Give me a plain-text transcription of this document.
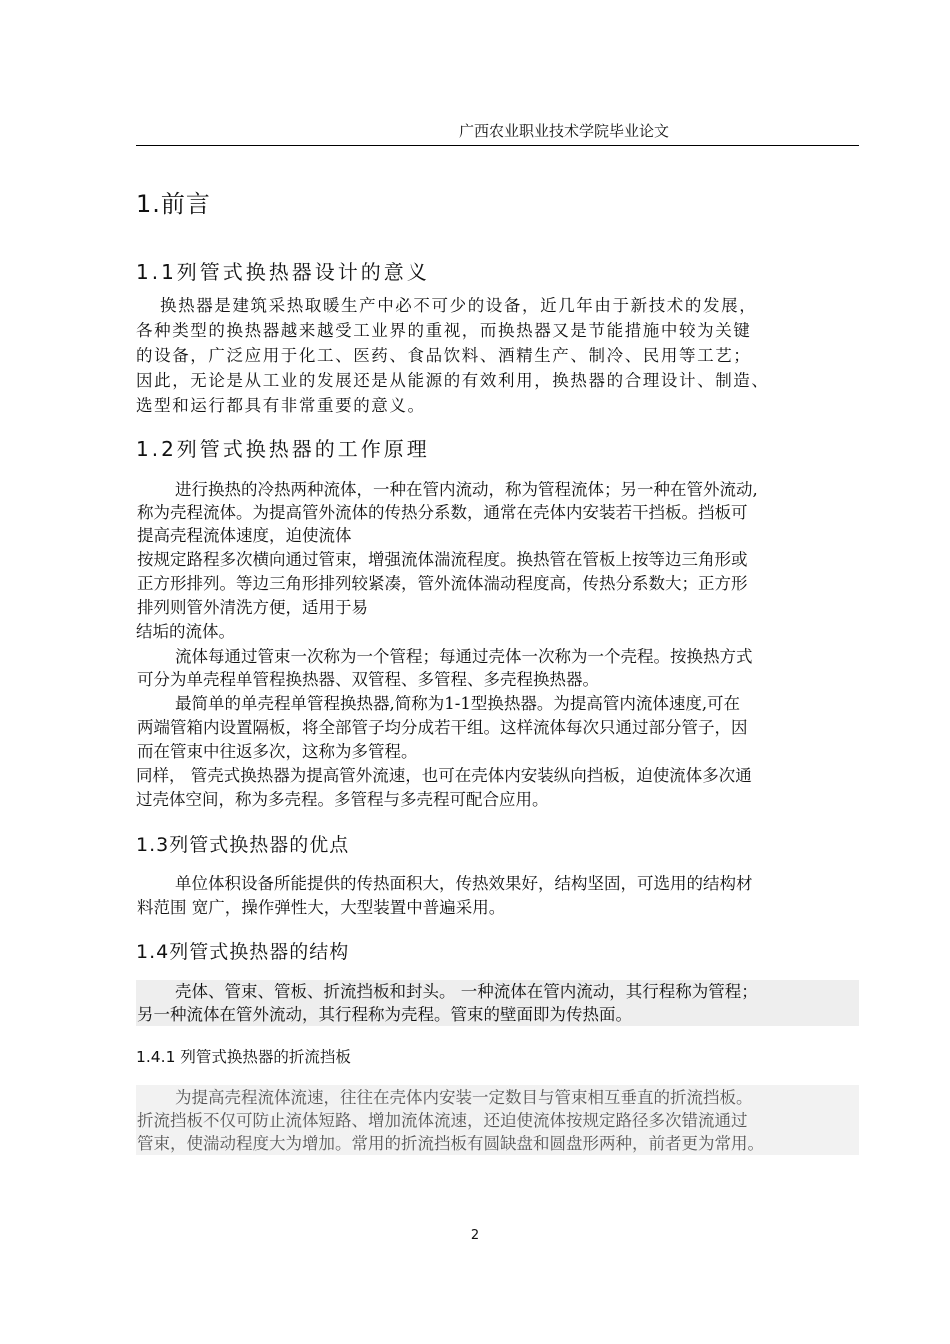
广西农业职业技术学院毕业论文
1.前言
1.1列管式换热器设计的意义
换热器是建筑采热取暖生产中必不可少的设备，近几年由于新技术的发展，
各种类型的换热器越来越受工业界的重视，而换热器又是节能措施中较为关键
的设备，广泛应用于化工、医药、食品饮料、酒精生产、制冷、民用等工艺；
因此，无论是从工业的发展还是从能源的有效利用，换热器的合理设计、制造、
选型和运行都具有非常重要的意义。
1.2列管式换热器的工作原理
进行换热的冷热两种流体，一种在管内流动，称为管程流体；另一种在管外流动,
称为壳程流体。为提高管外流体的传热分系数，通常在壳体内安装若干挡板。挡板可
提高壳程流体速度，迫使流体
按规定路程多次横向通过管束，增强流体湍流程度。换热管在管板上按等边三角形或
正方形排列。等边三角形排列较紧凑，管外流体湍动程度高，传热分系数大；正方形
排列则管外清洗方便，适用于易
结垢的流体。
流体每通过管束一次称为一个管程；每通过壳体一次称为一个壳程。按换热方式
可分为单壳程单管程换热器、双管程、多管程、多壳程换热器。
最简单的单壳程单管程换热器,简称为1-1型换热器。为提高管内流体速度,可在
两端管箱内设置隔板，将全部管子均分成若干组。这样流体每次只通过部分管子，因
而在管束中往返多次，这称为多管程。
同样， 管壳式换热器为提高管外流速，也可在壳体内安装纵向挡板，迫使流体多次通
过壳体空间，称为多壳程。多管程与多壳程可配合应用。
1.3列管式换热器的优点
单位体积设备所能提供的传热面积大，传热效果好，结构坚固，可选用的结构材
料范围 宽广，操作弹性大，大型装置中普遍采用。
1.4列管式换热器的结构
壳体、管束、管板、折流挡板和封头。 一种流体在管内流动，其行程称为管程；
另一种流体在管外流动，其行程称为壳程。管束的壁面即为传热面。
1.4.1 列管式换热器的折流挡板
为提高壳程流体流速，往往在壳体内安装一定数目与管束相互垂直的折流挡板。
折流挡板不仅可防止流体短路、增加流体流速，还迫使流体按规定路径多次错流通过
管束，使湍动程度大为增加。常用的折流挡板有圆缺盘和圆盘形两种，前者更为常用。
2
